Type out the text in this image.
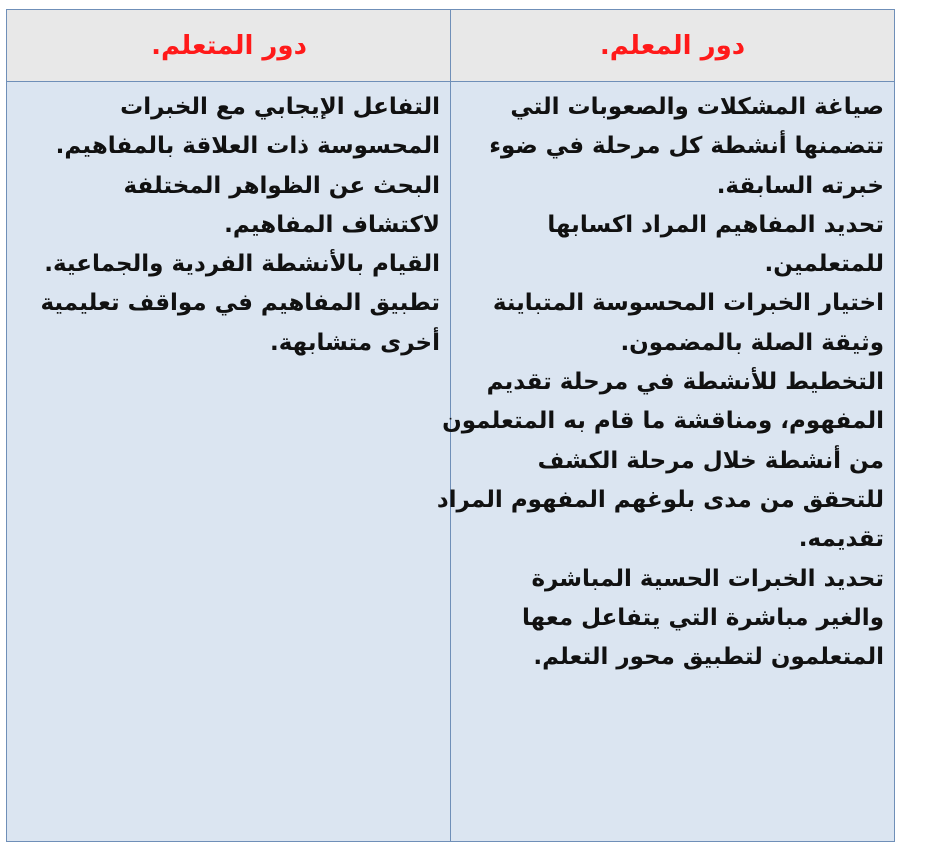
دور المعلم.
دور المتعلم.
صياغة المشكلات والصعوبات التي
تتضمنها أنشطة كل مرحلة في ضوء
خبرته السابقة.
تحديد المفاهيم المراد اكسابها
للمتعلمين.
اختيار الخبرات المحسوسة المتباينة
وثيقة الصلة بالمضمون.
التخطيط للأنشطة في مرحلة تقديم
المفهوم، ومناقشة ما قام به المتعلمون
من أنشطة خلال مرحلة الكشف
للتحقق من مدى بلوغهم المفهوم المراد
تقديمه.
تحديد الخبرات الحسية المباشرة
والغير مباشرة التي يتفاعل معها
المتعلمون لتطبيق محور التعلم.
التفاعل الإيجابي مع الخبرات
المحسوسة ذات العلاقة بالمفاهيم.
البحث عن الظواهر المختلفة
لاكتشاف المفاهيم.
القيام بالأنشطة الفردية والجماعية.
تطبيق المفاهيم في مواقف تعليمية
أخرى متشابهة.
